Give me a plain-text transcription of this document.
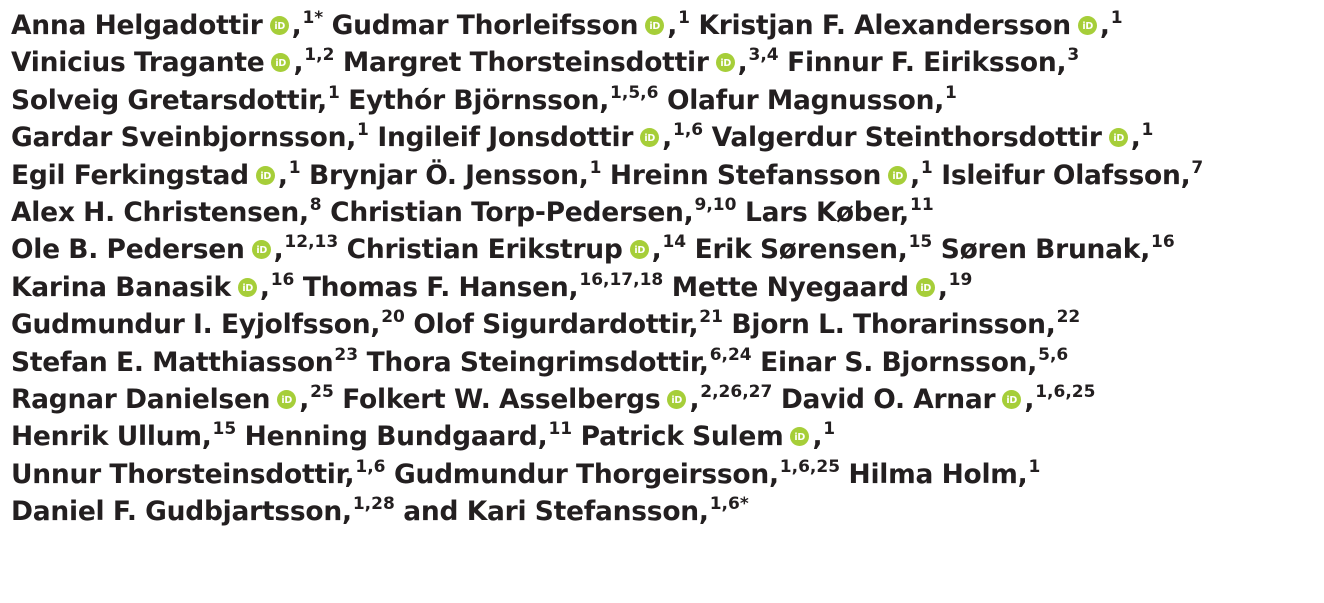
Anna Helgadottir iD ,$^{1*}$ Gudmar Thorleifsson iD ,$^1$ Kristjan F. Alexandersson iD ,$^1$
Vinicius Tragante iD ,$^{1,2}$ Margret Thorsteinsdottir iD ,$^{3,4}$ Finnur F. Eiriksson,$^3$
Solveig Gretarsdottir,$^1$ Eythór Björnsson,$^{1,5,6}$ Olafur Magnusson,$^1$
Gardar Sveinbjornsson,$^1$ Ingileif Jonsdottir iD ,$^{1,6}$ Valgerdur Steinthorsdottir iD ,$^1$
Egil Ferkingstad iD ,$^1$ Brynjar Ö. Jensson,$^1$ Hreinn Stefansson iD ,$^1$ Isleifur Olafsson,$^7$
Alex H. Christensen,$^8$ Christian Torp-Pedersen,$^{9,10}$ Lars Køber,$^{11}$
Ole B. Pedersen iD ,$^{12,13}$ Christian Erikstrup iD ,$^{14}$ Erik Sørensen,$^{15}$ Søren Brunak,$^{16}$
Karina Banasik iD ,$^{16}$ Thomas F. Hansen,$^{16,17,18}$ Mette Nyegaard iD ,$^{19}$
Gudmundur I. Eyjolfsson,$^{20}$ Olof Sigurdardottir,$^{21}$ Bjorn L. Thorarinsson,$^{22}$
Stefan E. Matthiasson$^{23}$ Thora Steingrimsdottir,$^{6,24}$ Einar S. Bjornsson,$^{5,6}$
Ragnar Danielsen iD ,$^{25}$ Folkert W. Asselbergs iD ,$^{2,26,27}$ David O. Arnar iD ,$^{1,6,25}$
Henrik Ullum,$^{15}$ Henning Bundgaard,$^{11}$ Patrick Sulem iD ,$^1$
Unnur Thorsteinsdottir,$^{1,6}$ Gudmundur Thorgeirsson,$^{1,6,25}$ Hilma Holm,$^1$
Daniel F. Gudbjartsson,$^{1,28}$ and Kari Stefansson,$^{1,6*}$
